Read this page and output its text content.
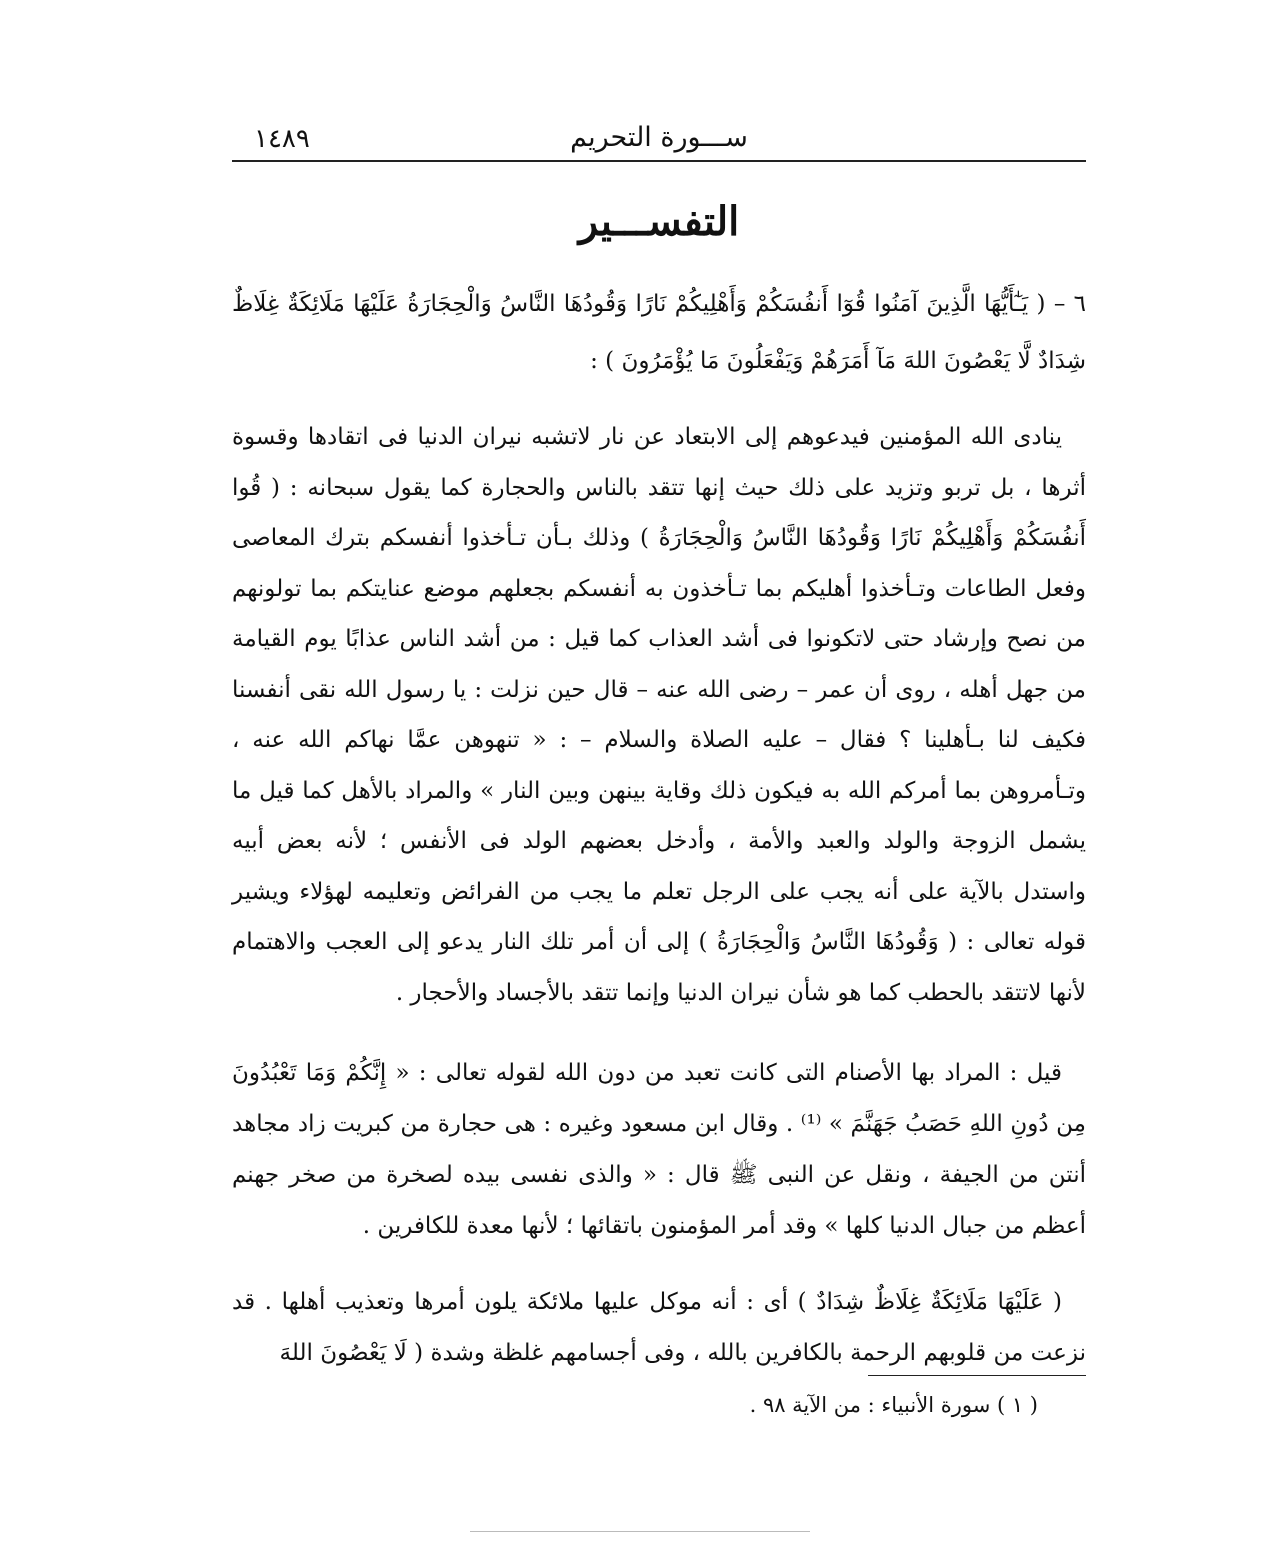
١٤٨٩	ســـورة التحريم
التفســـير
٦ – ( يَـٰٓأَيُّهَا الَّذِينَ آمَنُوا قُوٓا أَنفُسَكُمْ وَأَهْلِيكُمْ نَارًا وَقُودُهَا النَّاسُ وَالْحِجَارَةُ عَلَيْهَا مَلَائِكَةٌ غِلَاظٌ شِدَادٌ لَّا يَعْصُونَ اللهَ مَآ أَمَرَهُمْ وَيَفْعَلُونَ مَا يُؤْمَرُونَ ) :

ينادى الله المؤمنين فيدعوهم إلى الابتعاد عن نار لاتشبه نيران الدنيا فى اتقادها وقسوة أثرها ، بل تربو وتزيد على ذلك حيث إنها تتقد بالناس والحجارة كما يقول سبحانه : ( قُوا أَنفُسَكُمْ وَأَهْلِيكُمْ نَارًا وَقُودُهَا النَّاسُ وَالْحِجَارَةُ ) وذلك بـأن تـأخذوا أنفسكم بترك المعاصى وفعل الطاعات وتـأخذوا أهليكم بما تـأخذون به أنفسكم بجعلهم موضع عنايتكم بما تولونهم من نصح وإرشاد حتى لاتكونوا فى أشد العذاب كما قيل : من أشد الناس عذابًا يوم القيامة من جهل أهله ، روى أن عمر – رضى الله عنه – قال حين نزلت : يا رسول الله نقى أنفسنا فكيف لنا بـأهلينا ؟ فقال – عليه الصلاة والسلام – : « تنهوهن عمَّا نهاكم الله عنه ، وتـأمروهن بما أمركم الله به فيكون ذلك وقاية بينهن وبين النار » والمراد بالأهل كما قيل ما يشمل الزوجة والولد والعبد والأمة ، وأدخل بعضهم الولد فى الأنفس ؛ لأنه بعض أبيه واستدل بالآية على أنه يجب على الرجل تعلم ما يجب من الفرائض وتعليمه لهؤلاء ويشير قوله تعالى : ( وَقُودُهَا النَّاسُ وَالْحِجَارَةُ ) إلى أن أمر تلك النار يدعو إلى العجب والاهتمام لأنها لاتتقد بالحطب كما هو شأن نيران الدنيا وإنما تتقد بالأجساد والأحجار .

قيل : المراد بها الأصنام التى كانت تعبد من دون الله لقوله تعالى : « إِنَّكُمْ وَمَا تَعْبُدُونَ مِن دُونِ اللهِ حَصَبُ جَهَنَّمَ » ⁽¹⁾ . وقال ابن مسعود وغيره : هى حجارة من كبريت زاد مجاهد أنتن من الجيفة ، ونقل عن النبى ﷺ قال : « والذى نفسى بيده لصخرة من صخر جهنم أعظم من جبال الدنيا كلها » وقد أمر المؤمنون باتقائها ؛ لأنها معدة للكافرين .

( عَلَيْهَا مَلَائِكَةٌ غِلَاظٌ شِدَادٌ ) أى : أنه موكل عليها ملائكة يلون أمرها وتعذيب أهلها . قد نزعت من قلوبهم الرحمة بالكافرين بالله ، وفى أجسامهم غلظة وشدة ( لَا يَعْصُونَ اللهَ

( ١ ) سورة الأنبياء : من الآية ٩٨ .
